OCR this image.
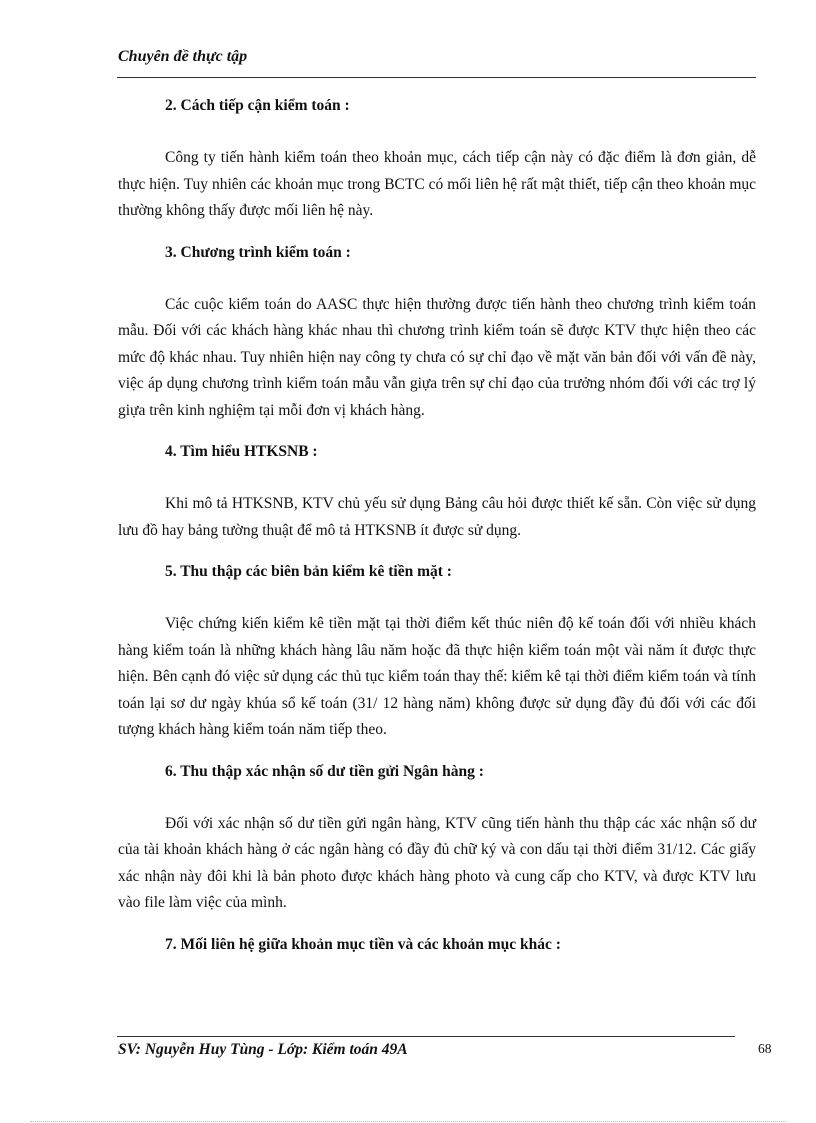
Chuyên đề thực tập
2. Cách tiếp cận kiểm toán :

Công ty tiến hành kiểm toán theo khoản mục, cách tiếp cận này có đặc điểm là đơn giản, dễ thực hiện. Tuy nhiên các khoản mục trong BCTC có mối liên hệ rất mật thiết, tiếp cận theo khoản mục thường không thấy được mối liên hệ này.

3. Chương trình kiểm toán :

Các cuộc kiểm toán do AASC thực hiện thường được tiến hành theo chương trình kiểm toán mẫu. Đối với các khách hàng khác nhau thì chương trình kiểm toán sẽ được KTV thực hiện theo các mức độ khác nhau. Tuy nhiên hiện nay công ty chưa có sự chỉ đạo về mặt văn bản đối với vấn đề này, việc áp dụng chương trình kiểm toán mẫu vẫn giựa trên sự chỉ đạo của trưởng nhóm đối với các trợ lý giựa trên kinh nghiệm tại mỗi đơn vị khách hàng.

4. Tìm hiểu HTKSNB :

Khi mô tả HTKSNB, KTV chủ yếu sử dụng Bảng câu hỏi được thiết kế sẵn. Còn việc sử dụng lưu đồ hay bảng tường thuật để mô tả HTKSNB ít được sử dụng.

5. Thu thập các biên bản kiểm kê tiền mặt :

Việc chứng kiến kiểm kê tiền mặt tại thời điểm kết thúc niên độ kế toán đối với nhiều khách hàng kiểm toán là những khách hàng lâu năm hoặc đã thực hiện kiểm toán một vài năm ít được thực hiện. Bên cạnh đó việc sử dụng các thủ tục kiểm toán thay thế: kiểm kê tại thời điểm kiểm toán và tính toán lại sơ dư ngày khúa sổ kế toán (31/ 12 hàng năm) không được sử dụng đầy đủ đối với các đối tượng khách hàng kiểm toán năm tiếp theo.

6. Thu thập xác nhận số dư tiền gửi Ngân hàng :

Đối với xác nhận số dư tiền gửi ngân hàng, KTV cũng tiến hành thu thập các xác nhận số dư của tài khoản khách hàng ở các ngân hàng có đầy đủ chữ ký và con dấu tại thời điểm 31/12. Các giấy xác nhận này đôi khi là bản photo được khách hàng photo và cung cấp cho KTV, và được KTV lưu vào file làm việc của mình.

7. Mối liên hệ giữa khoản mục tiền và các khoản mục khác :

SV: Nguyễn Huy Tùng - Lớp: Kiểm toán 49A	68
